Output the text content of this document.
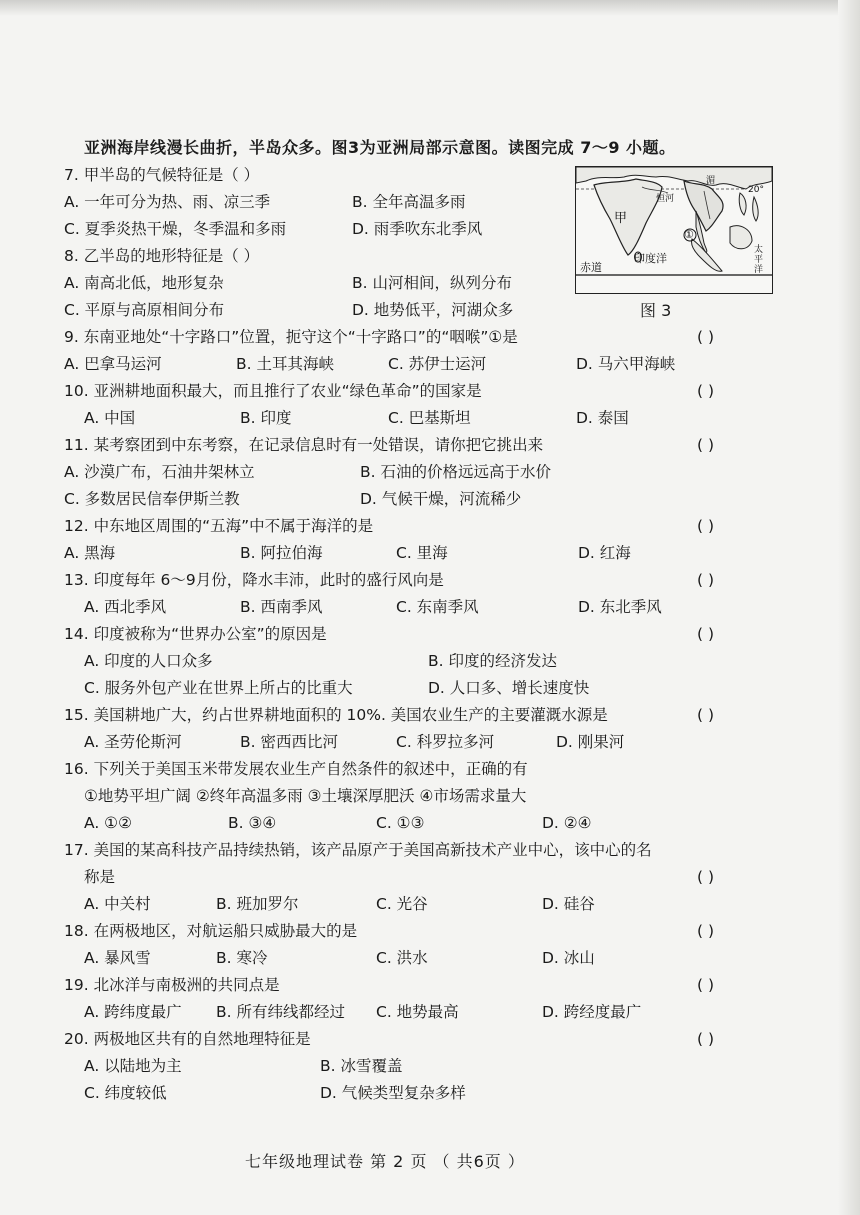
亚洲海岸线漫长曲折，半岛众多。图3为亚洲局部示意图。读图完成 7～9 小题。
7. 甲半岛的气候特征是（ ）
A. 一年可分为热、雨、凉三季	B. 全年高温多雨
C. 夏季炎热干燥，冬季温和多雨	D. 雨季吹东北季风
8. 乙半岛的地形特征是（ ）
A. 南高北低，地形复杂	B. 山河相间，纵列分布
C. 平原与高原相间分布	D. 地势低平，河湖众多
甲
恒河
湄
印度洋
太平洋
赤道
①
20°
图 3
9. 东南亚地处“十字路口”位置，扼守这个“十字路口”的“咽喉”①是	( )
A. 巴拿马运河	B. 土耳其海峡	C. 苏伊士运河	D. 马六甲海峡
10. 亚洲耕地面积最大，而且推行了农业“绿色革命”的国家是	( )
A. 中国	B. 印度	C. 巴基斯坦	D. 泰国
11. 某考察团到中东考察，在记录信息时有一处错误，请你把它挑出来	( )
A. 沙漠广布，石油井架林立	B. 石油的价格远远高于水价
C. 多数居民信奉伊斯兰教	D. 气候干燥，河流稀少
12. 中东地区周围的“五海”中不属于海洋的是	( )
A. 黑海	B. 阿拉伯海	C. 里海	D. 红海
13. 印度每年 6～9月份，降水丰沛，此时的盛行风向是	( )
A. 西北季风	B. 西南季风	C. 东南季风	D. 东北季风
14. 印度被称为“世界办公室”的原因是	( )
A. 印度的人口众多	B. 印度的经济发达
C. 服务外包产业在世界上所占的比重大	D. 人口多、增长速度快
15. 美国耕地广大，约占世界耕地面积的 10%. 美国农业生产的主要灌溉水源是	( )
A. 圣劳伦斯河	B. 密西西比河	C. 科罗拉多河	D. 刚果河
16. 下列关于美国玉米带发展农业生产自然条件的叙述中，正确的有
①地势平坦广阔 ②终年高温多雨 ③土壤深厚肥沃 ④市场需求量大
A. ①②	B. ③④	C. ①③	D. ②④
17. 美国的某高科技产品持续热销，该产品原产于美国高新技术产业中心，该中心的名
称是	( )
A. 中关村	B. 班加罗尔	C. 光谷	D. 硅谷
18. 在两极地区，对航运船只威胁最大的是	( )
A. 暴风雪	B. 寒冷	C. 洪水	D. 冰山
19. 北冰洋与南极洲的共同点是	( )
A. 跨纬度最广 B. 所有纬线都经过 C. 地势最高	D. 跨经度最广
20. 两极地区共有的自然地理特征是	( )
A. 以陆地为主	B. 冰雪覆盖
C. 纬度较低	D. 气候类型复杂多样
七年级地理试卷 第 2 页 （ 共6页 ）
